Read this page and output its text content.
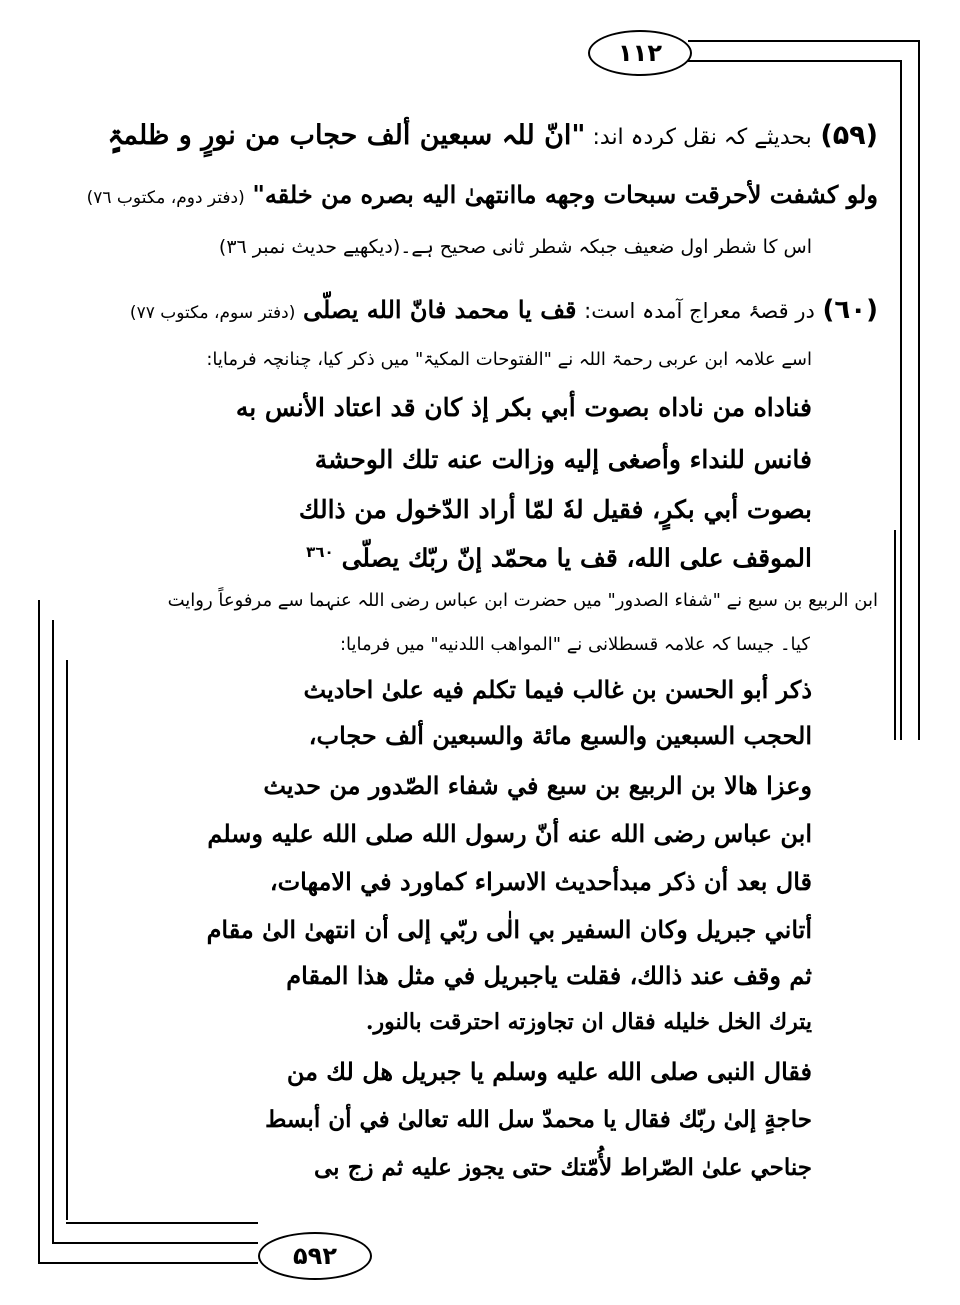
١١٢
۵۹٢
(۵۹) بحدیثے کہ نقل کردہ اند: "انّ للہ سبعین ألف حجاب من نورٍ و ظلمۃٍ
ولو کشفت لأحرقت سبحات وجهه ماانتهیٰ الیه بصره من خلقه" (دفتر دوم، مکتوب ٧٦)
اس کا شطر اول ضعیف جبکہ شطر ثانی صحیح ہے۔(دیکھیے حدیث نمبر ٣٦)
(٦٠) در قصۂ معراج آمدہ است: قف یا محمد فانّ الله یصلّی (دفتر سوم، مکتوب ٧٧)
اسے علامہ ابن عربی رحمۃ اللہ نے "الفتوحات المکیۃ" میں ذکر کیا، چنانچہ فرمایا:
فناداه من ناداه بصوت أبي بكر إذ كان قد اعتاد الأنس به
فانس للنداء وأصغى إليه وزالت عنه تلك الوحشة
بصوت أبي بكرٍ، فقيل لهٗ لمّا أراد الدّخول من ذالك
الموقف على الله، قف يا محمّد إنّ ربّك يصلّى $^{٣٦٠}$
ابن الربیع بن سبع نے "شفاء الصدور" میں حضرت ابن عباس رضی اللہ عنہما سے مرفوعاً روایت
کیا۔ جیسا کہ علامہ قسطلانی نے "المواهب اللدنیه" میں فرمایا:
ذكر أبو الحسن بن غالب فيما تكلم فيه علىٰ احاديث
الحجب السبعين والسبع مائة والسبعين ألف حجاب،
وعزا هالا بن الربيع بن سبع في شفاء الصّدور من حديث
ابن عباس رضى الله عنه أنّ رسول الله صلى الله عليه وسلم
قال بعد أن ذكر مبدأحديث الاسراء كماورد في الامهات،
أتاني جبريل وكان السفير بي الٰى ربّي إلى أن انتهىٰ الىٰ مقام
ثم وقف عند ذالك، فقلت ياجبريل في مثل هذا المقام
يترك الخل خليله فقال ان تجاوزته احترقت بالنور.
فقال النبى صلى الله عليه وسلم يا جبريل هل لك من
حاجةٍ إلىٰ ربّك فقال يا محمدّ سل الله تعالىٰ في أن أبسط
جناحي علىٰ الصّراط لأُمّتك حتى يجوز عليه ثم زج بى
